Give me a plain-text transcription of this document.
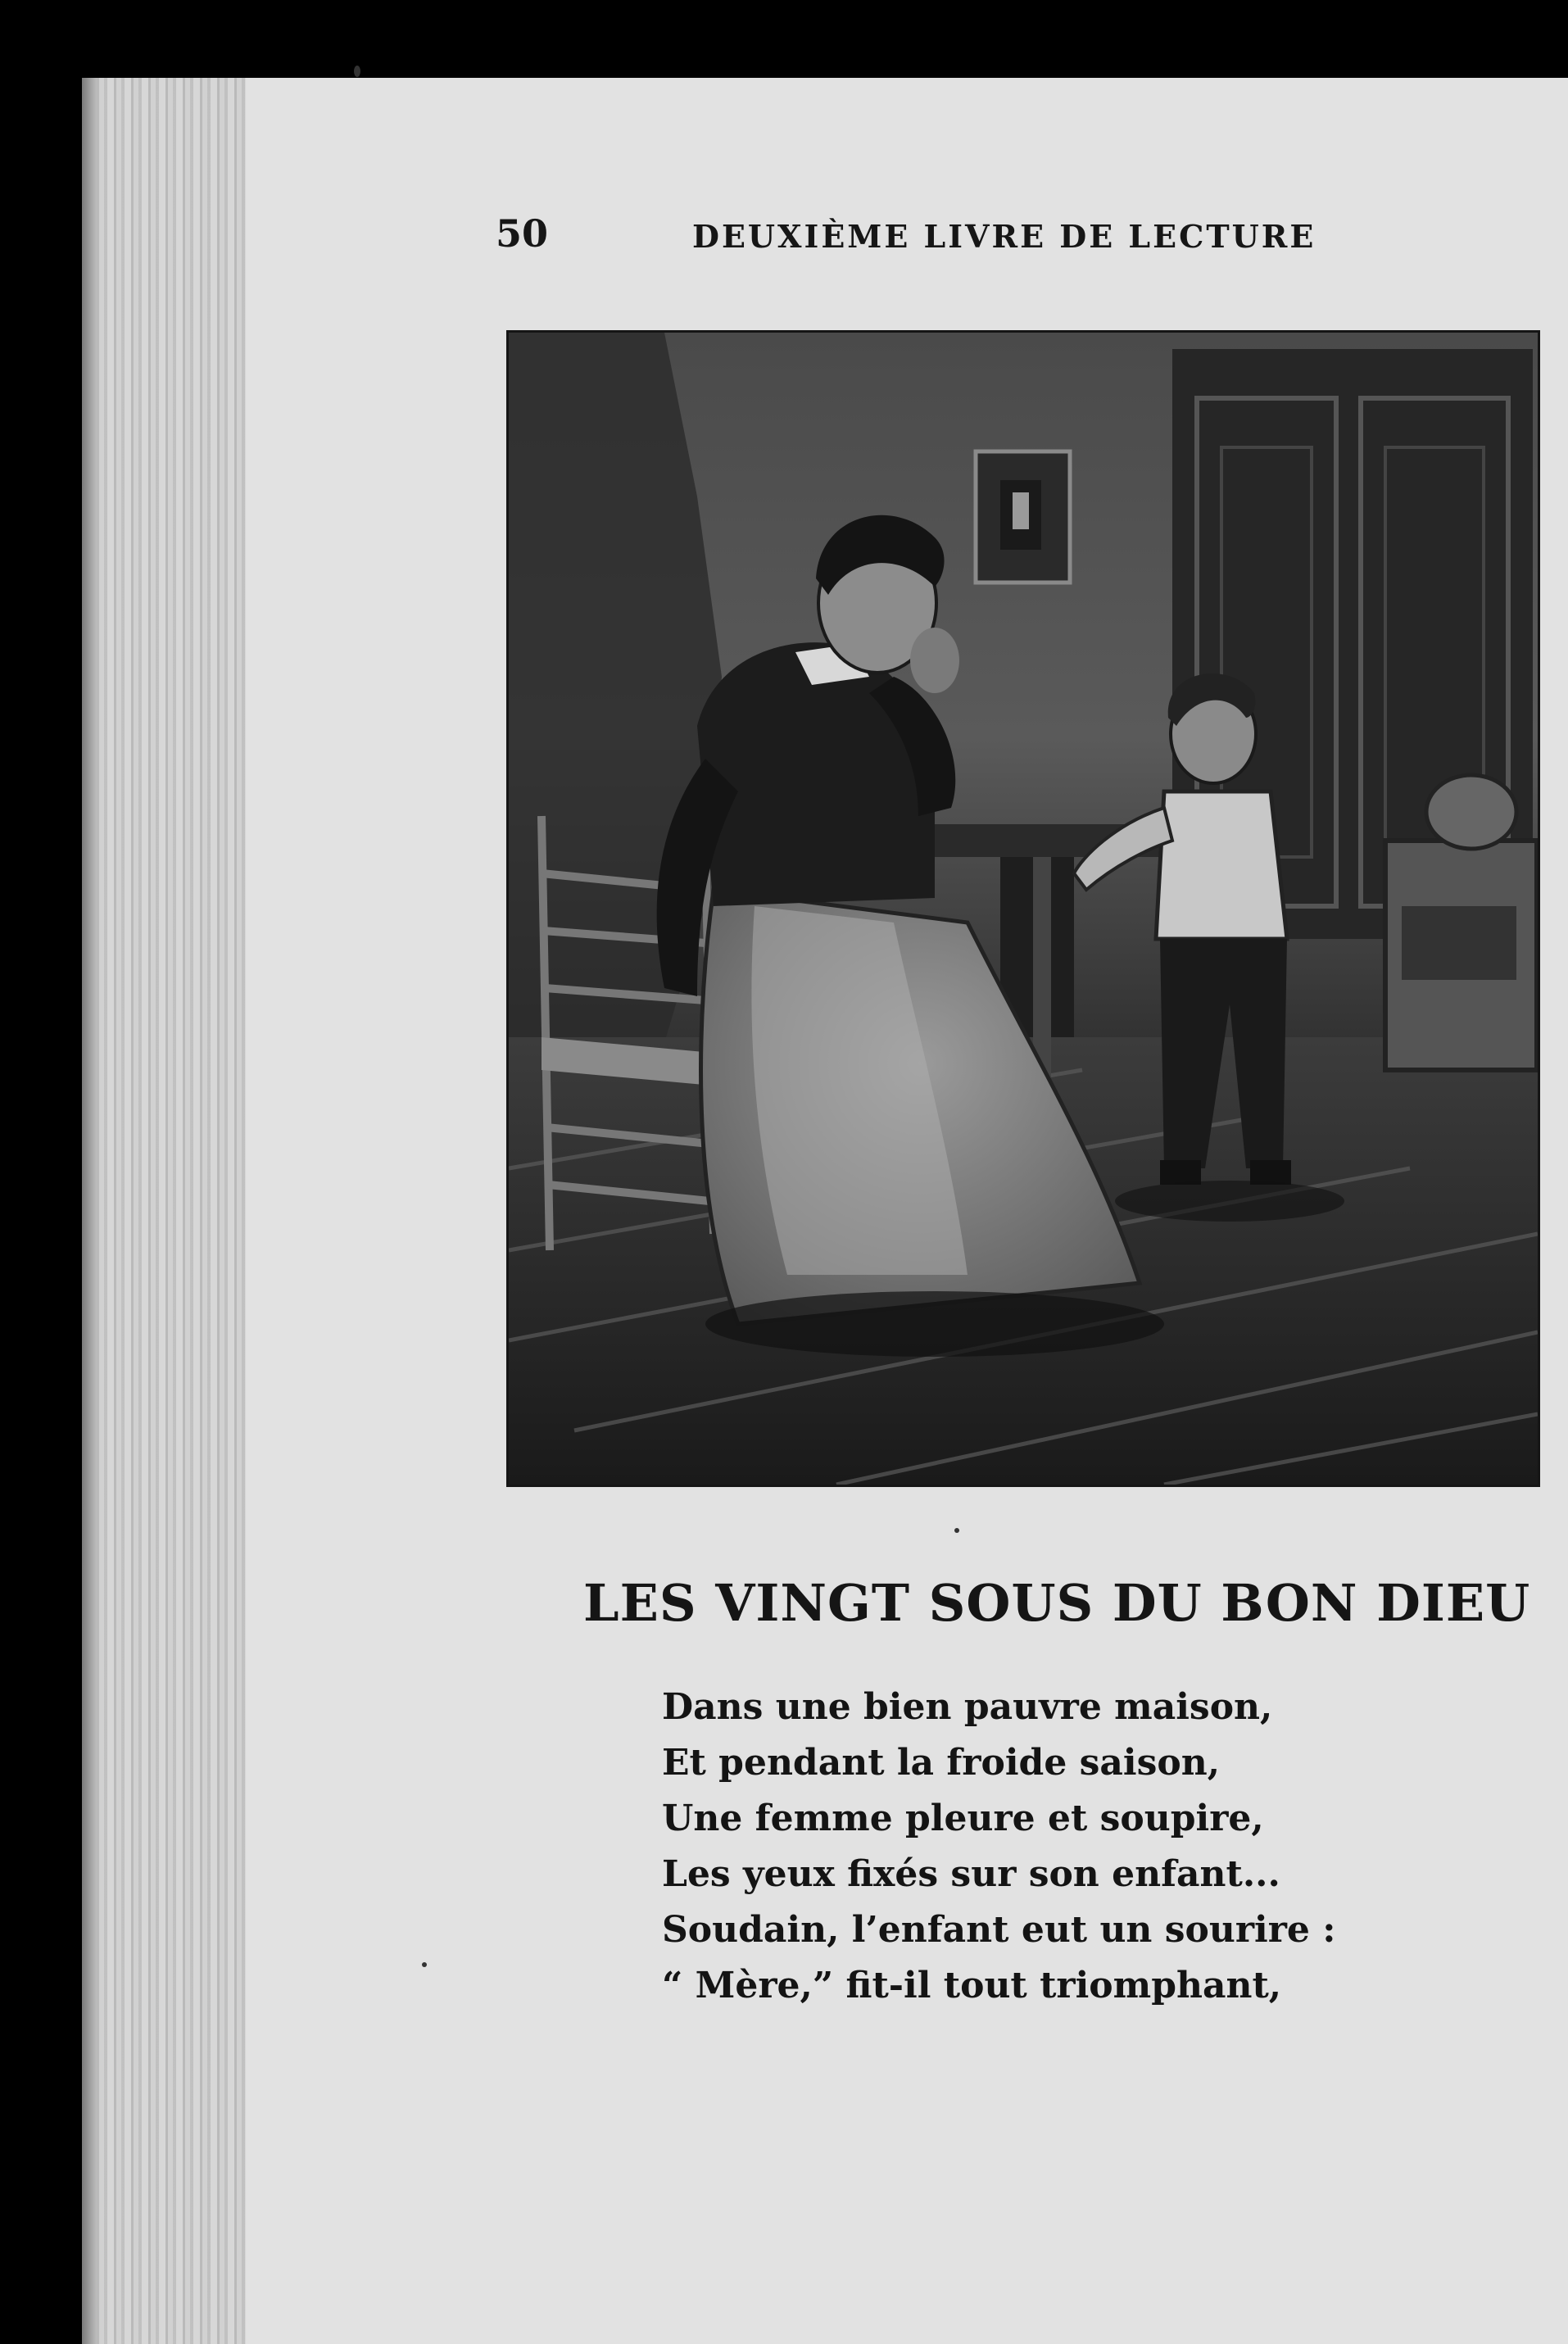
50	DEUXIÈME LIVRE DE LECTURE
LES VINGT SOUS DU BON DIEU
Dans une bien pauvre maison,
Et pendant la froide saison,
Une femme pleure et soupire,
Les yeux fixés sur son enfant...
Soudain, l’enfant eut un sourire :
“ Mère,” fit-il tout triomphant,
